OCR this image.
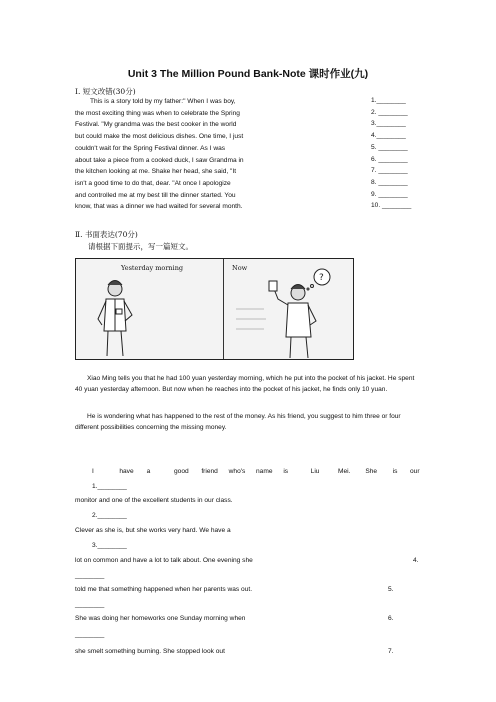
Unit 3 The Million Pound Bank-Note 课时作业(九)
Ⅰ. 短文改错(30分)
This is a story told by my father:" When I was boy,
the most exciting thing was when to celebrate the Spring
Festival. "My grandma was the best cooker in the world
but could make the most delicious dishes. One time, I just
couldn't wait for the Spring Festival dinner. As I was
about take a piece from a cooked duck, I saw Grandma in
the kitchen looking at me. Shake her head, she said, "It
isn't a good time to do that, dear. "At once I apologize
and controlled me at my best till the dinner started. You
know, that was a dinner we had waited for several month.
1.________
2. ________
3.________
4.________
5. ________
6. ________
7. ________
8. ________
9. ________
10. ________
Ⅱ. 书面表达(70分)
请根据下面提示，写一篇短文。
?
Yesterday morning	Now
Xiao Ming tells you that he had 100 yuan yesterday morning, which he put into the pocket of his jacket. He spent 40 yuan yesterday afternoon. But now when he reaches into the pocket of his jacket, he finds only 10 yuan.
He is wondering what has happened to the rest of the money. As his friend, you suggest to him three or four different possibilities concerning the missing money.
I	have a	good friend who's name is	Liu	Mei. She is our
1.________
monitor and one of the excellent students in our class.
2.________
Clever as she is, but she works very hard. We have a
3.________
lot on common and have a lot to talk about. One evening she	4.
________
told me that something happened when her parents was out.	5.
________
She was doing her homeworks one Sunday morning when	6.
________
she smelt something burning. She stopped look out	7.
